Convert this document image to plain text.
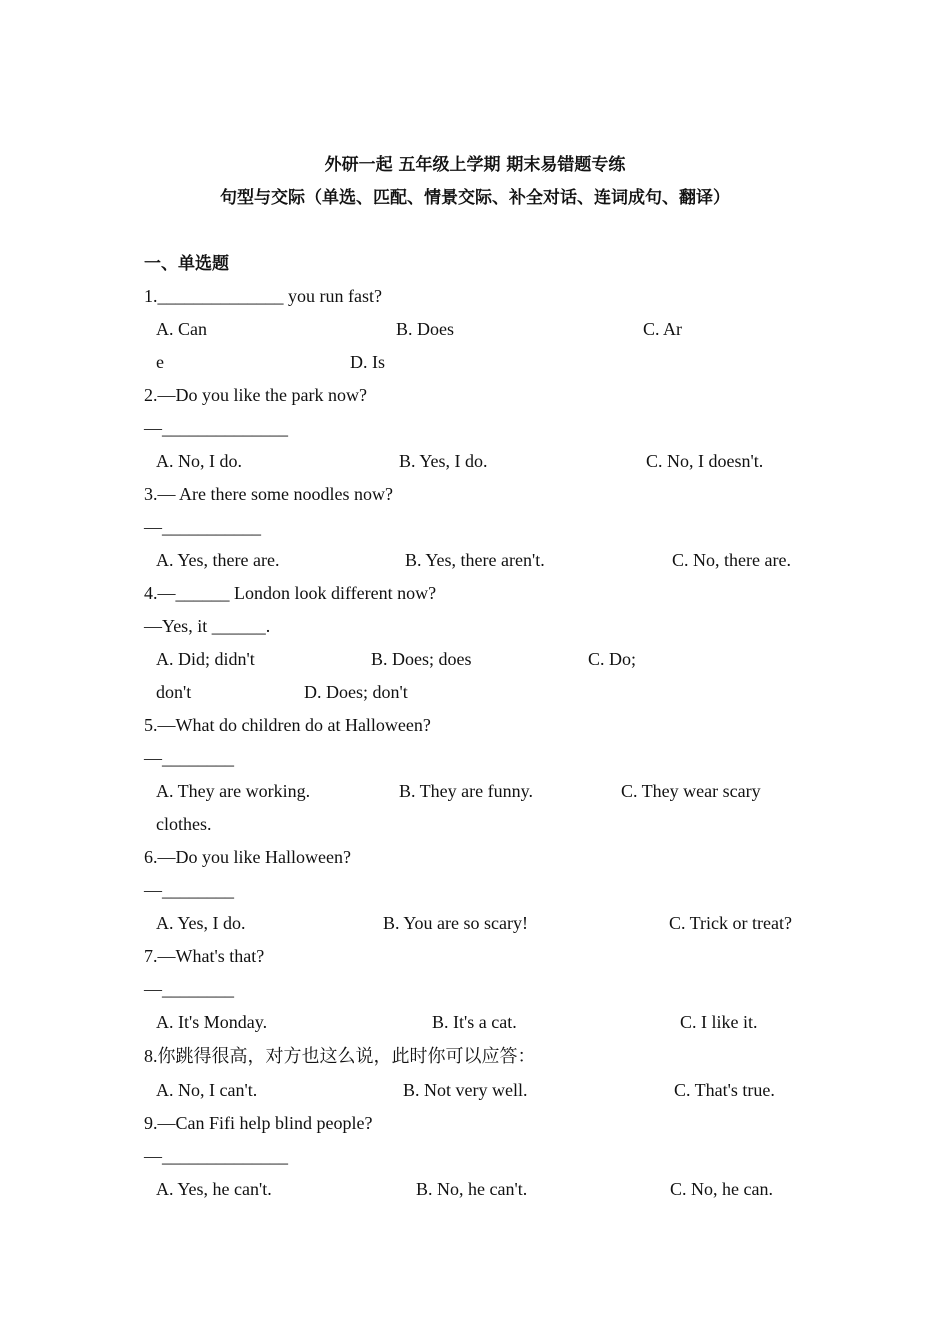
外研一起 五年级上学期 期末易错题专练
句型与交际（单选、匹配、情景交际、补全对话、连词成句、翻译）
一、单选题
1.______________ you run fast?
A. Can	B. Does	C. Ar
e	D. Is
2.—Do you like the park now?
—______________
A. No, I do.	B. Yes, I do.	C. No, I doesn't.
3.— Are there some noodles now?
—___________
A. Yes, there are.	B. Yes, there aren't.	C. No, there are.
4.—______ London look different now?
—Yes, it ______.
A. Did; didn't	B. Does; does	C. Do;
don't	D. Does; don't
5.—What do children do at Halloween?
—________
A. They are working.	B. They are funny.	C. They wear scary
clothes.
6.—Do you like Halloween?
—________
A. Yes, I do.	B. You are so scary!	C. Trick or treat?
7.—What's that?
—________
A. It's Monday.	B. It's a cat.	C. I like it.
8.你跳得很高，对方也这么说，此时你可以应答：
A. No, I can't.	B. Not very well.	C. That's true.
9.—Can Fifi help blind people?
—______________
A. Yes, he can't.	B. No, he can't.	C. No, he can.
